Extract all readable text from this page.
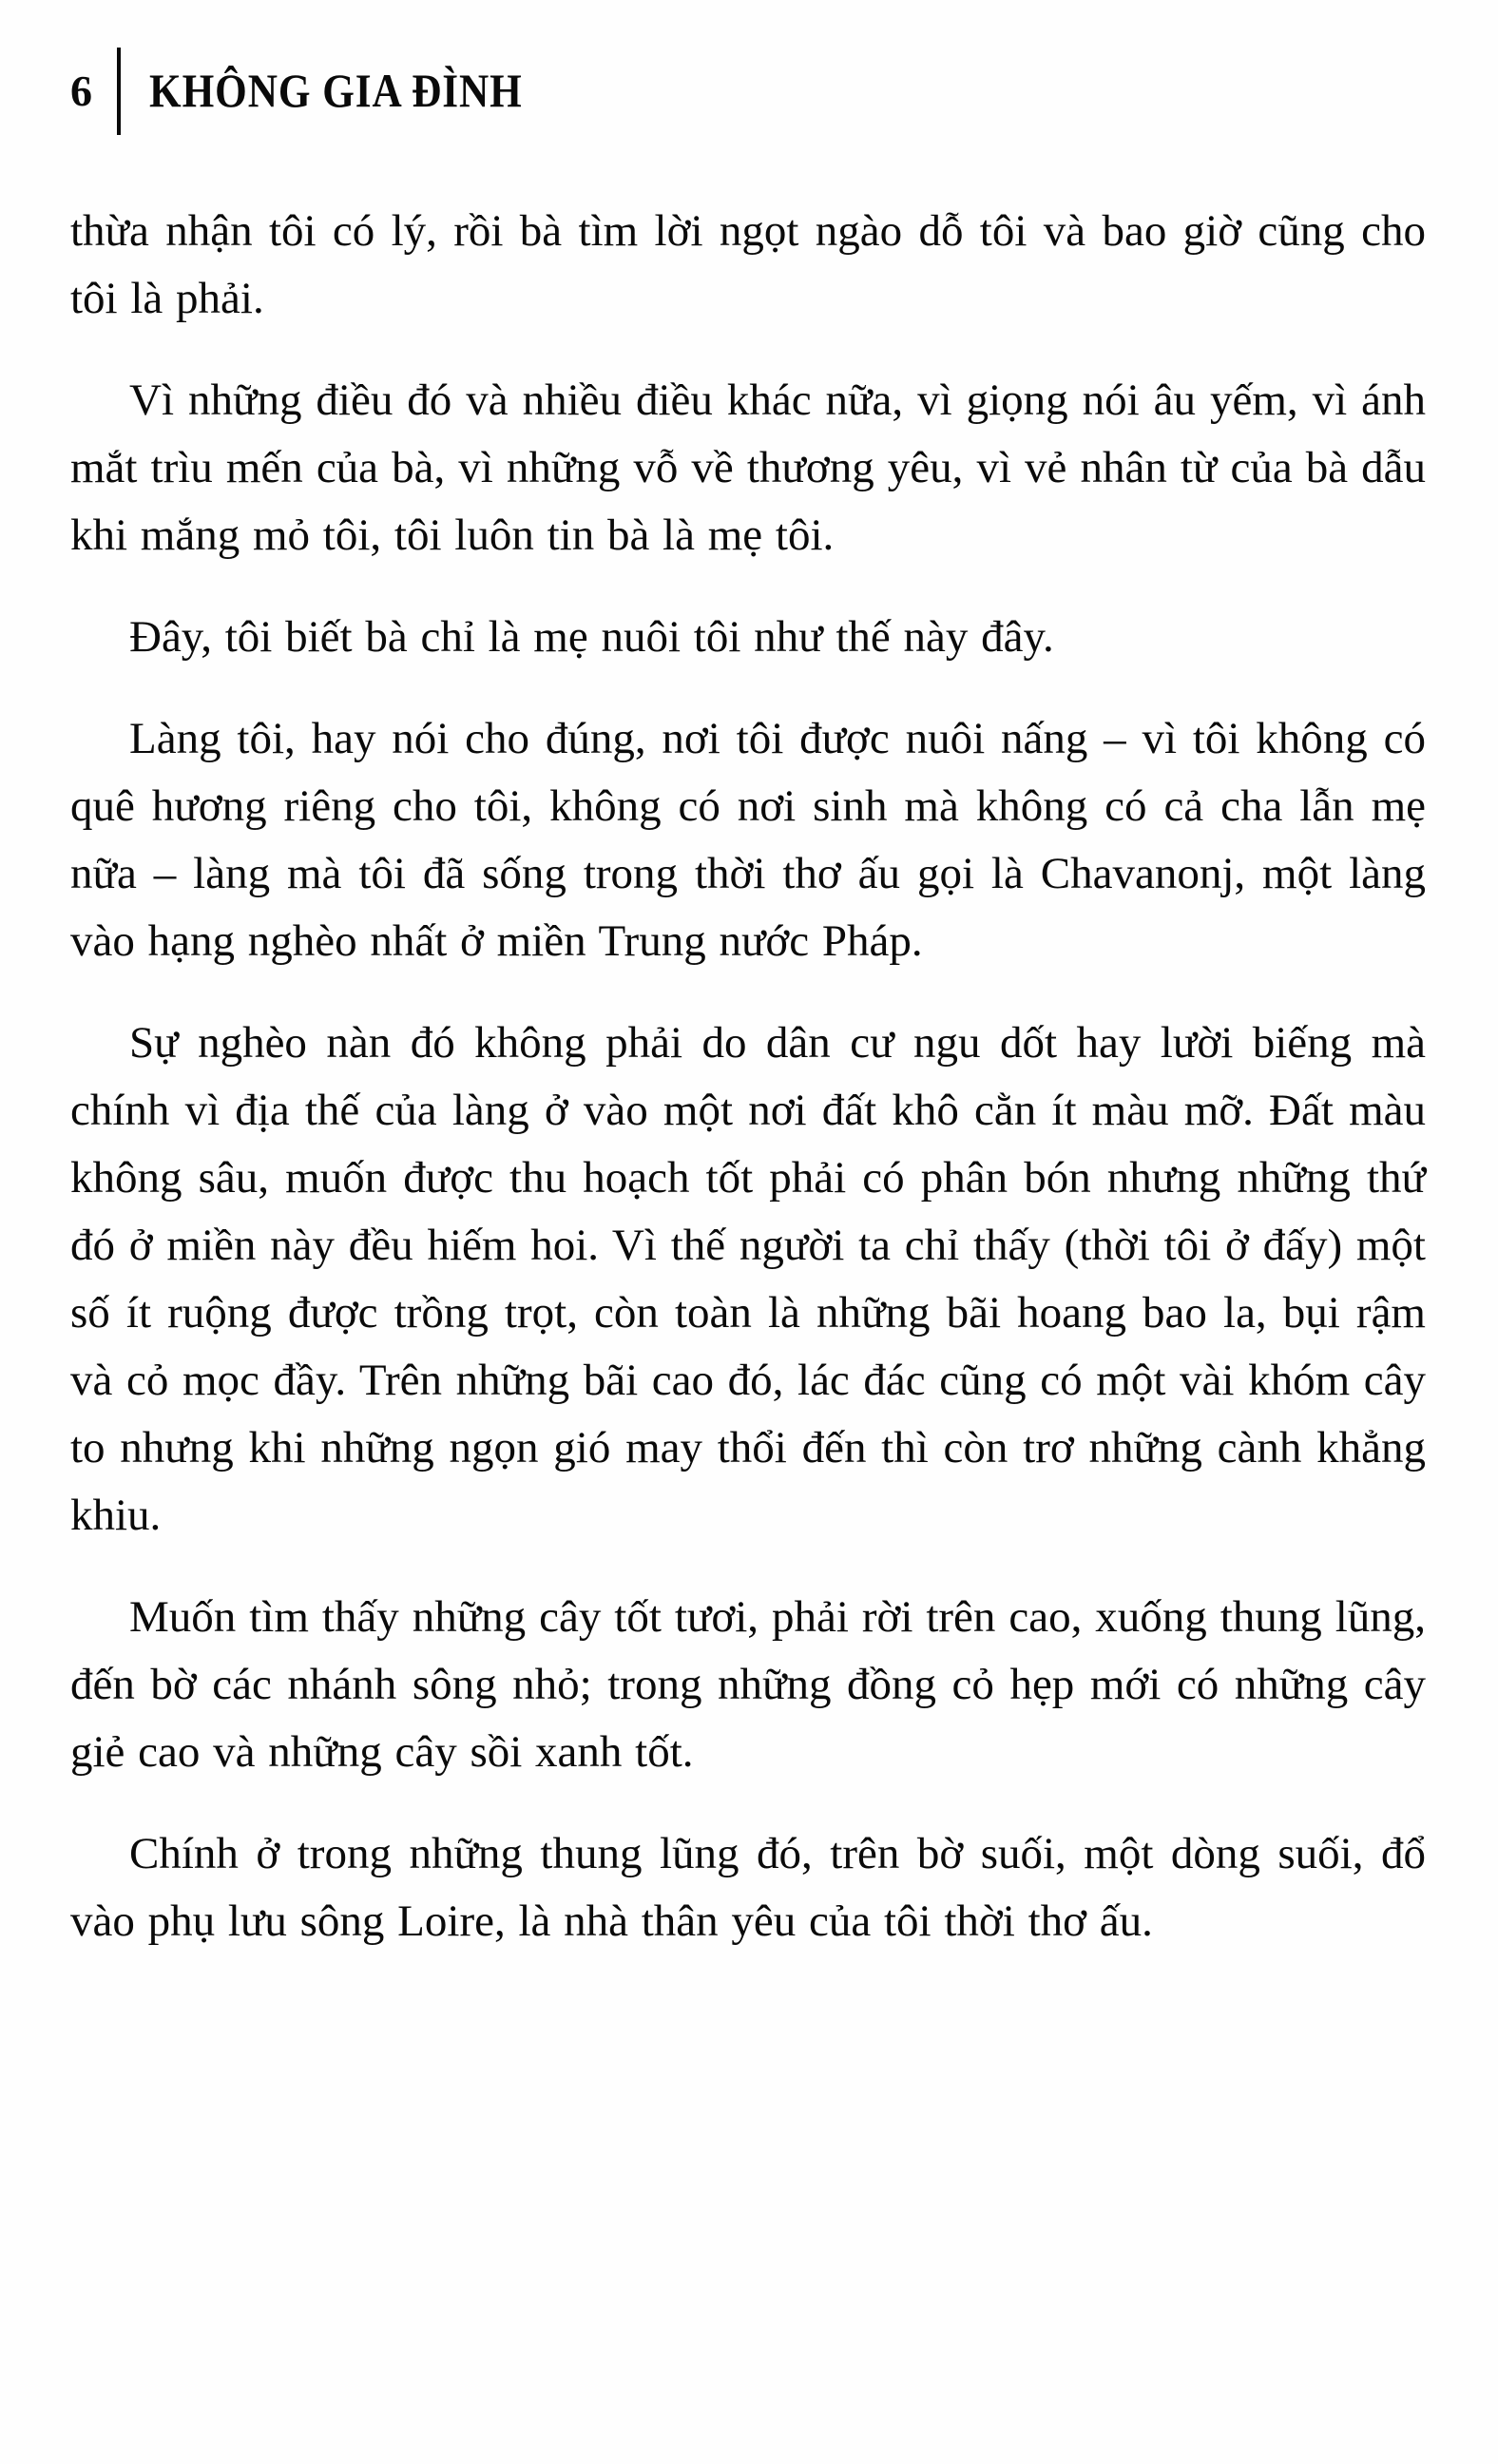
6	KHÔNG GIA ĐÌNH

thừa nhận tôi có lý, rồi bà tìm lời ngọt ngào dỗ tôi và bao giờ cũng cho tôi là phải.

Vì những điều đó và nhiều điều khác nữa, vì giọng nói âu yếm, vì ánh mắt trìu mến của bà, vì những vỗ về thương yêu, vì vẻ nhân từ của bà dẫu khi mắng mỏ tôi, tôi luôn tin bà là mẹ tôi.

Đây, tôi biết bà chỉ là mẹ nuôi tôi như thế này đây.

Làng tôi, hay nói cho đúng, nơi tôi được nuôi nấng – vì tôi không có quê hương riêng cho tôi, không có nơi sinh mà không có cả cha lẫn mẹ nữa – làng mà tôi đã sống trong thời thơ ấu gọi là Chavanonj, một làng vào hạng nghèo nhất ở miền Trung nước Pháp.

Sự nghèo nàn đó không phải do dân cư ngu dốt hay lười biếng mà chính vì địa thế của làng ở vào một nơi đất khô cằn ít màu mỡ. Đất màu không sâu, muốn được thu hoạch tốt phải có phân bón nhưng những thứ đó ở miền này đều hiếm hoi. Vì thế người ta chỉ thấy (thời tôi ở đấy) một số ít ruộng được trồng trọt, còn toàn là những bãi hoang bao la, bụi rậm và cỏ mọc đầy. Trên những bãi cao đó, lác đác cũng có một vài khóm cây to nhưng khi những ngọn gió may thổi đến thì còn trơ những cành khẳng khiu.

Muốn tìm thấy những cây tốt tươi, phải rời trên cao, xuống thung lũng, đến bờ các nhánh sông nhỏ; trong những đồng cỏ hẹp mới có những cây giẻ cao và những cây sồi xanh tốt.

Chính ở trong những thung lũng đó, trên bờ suối, một dòng suối, đổ vào phụ lưu sông Loire, là nhà thân yêu của tôi thời thơ ấu.
